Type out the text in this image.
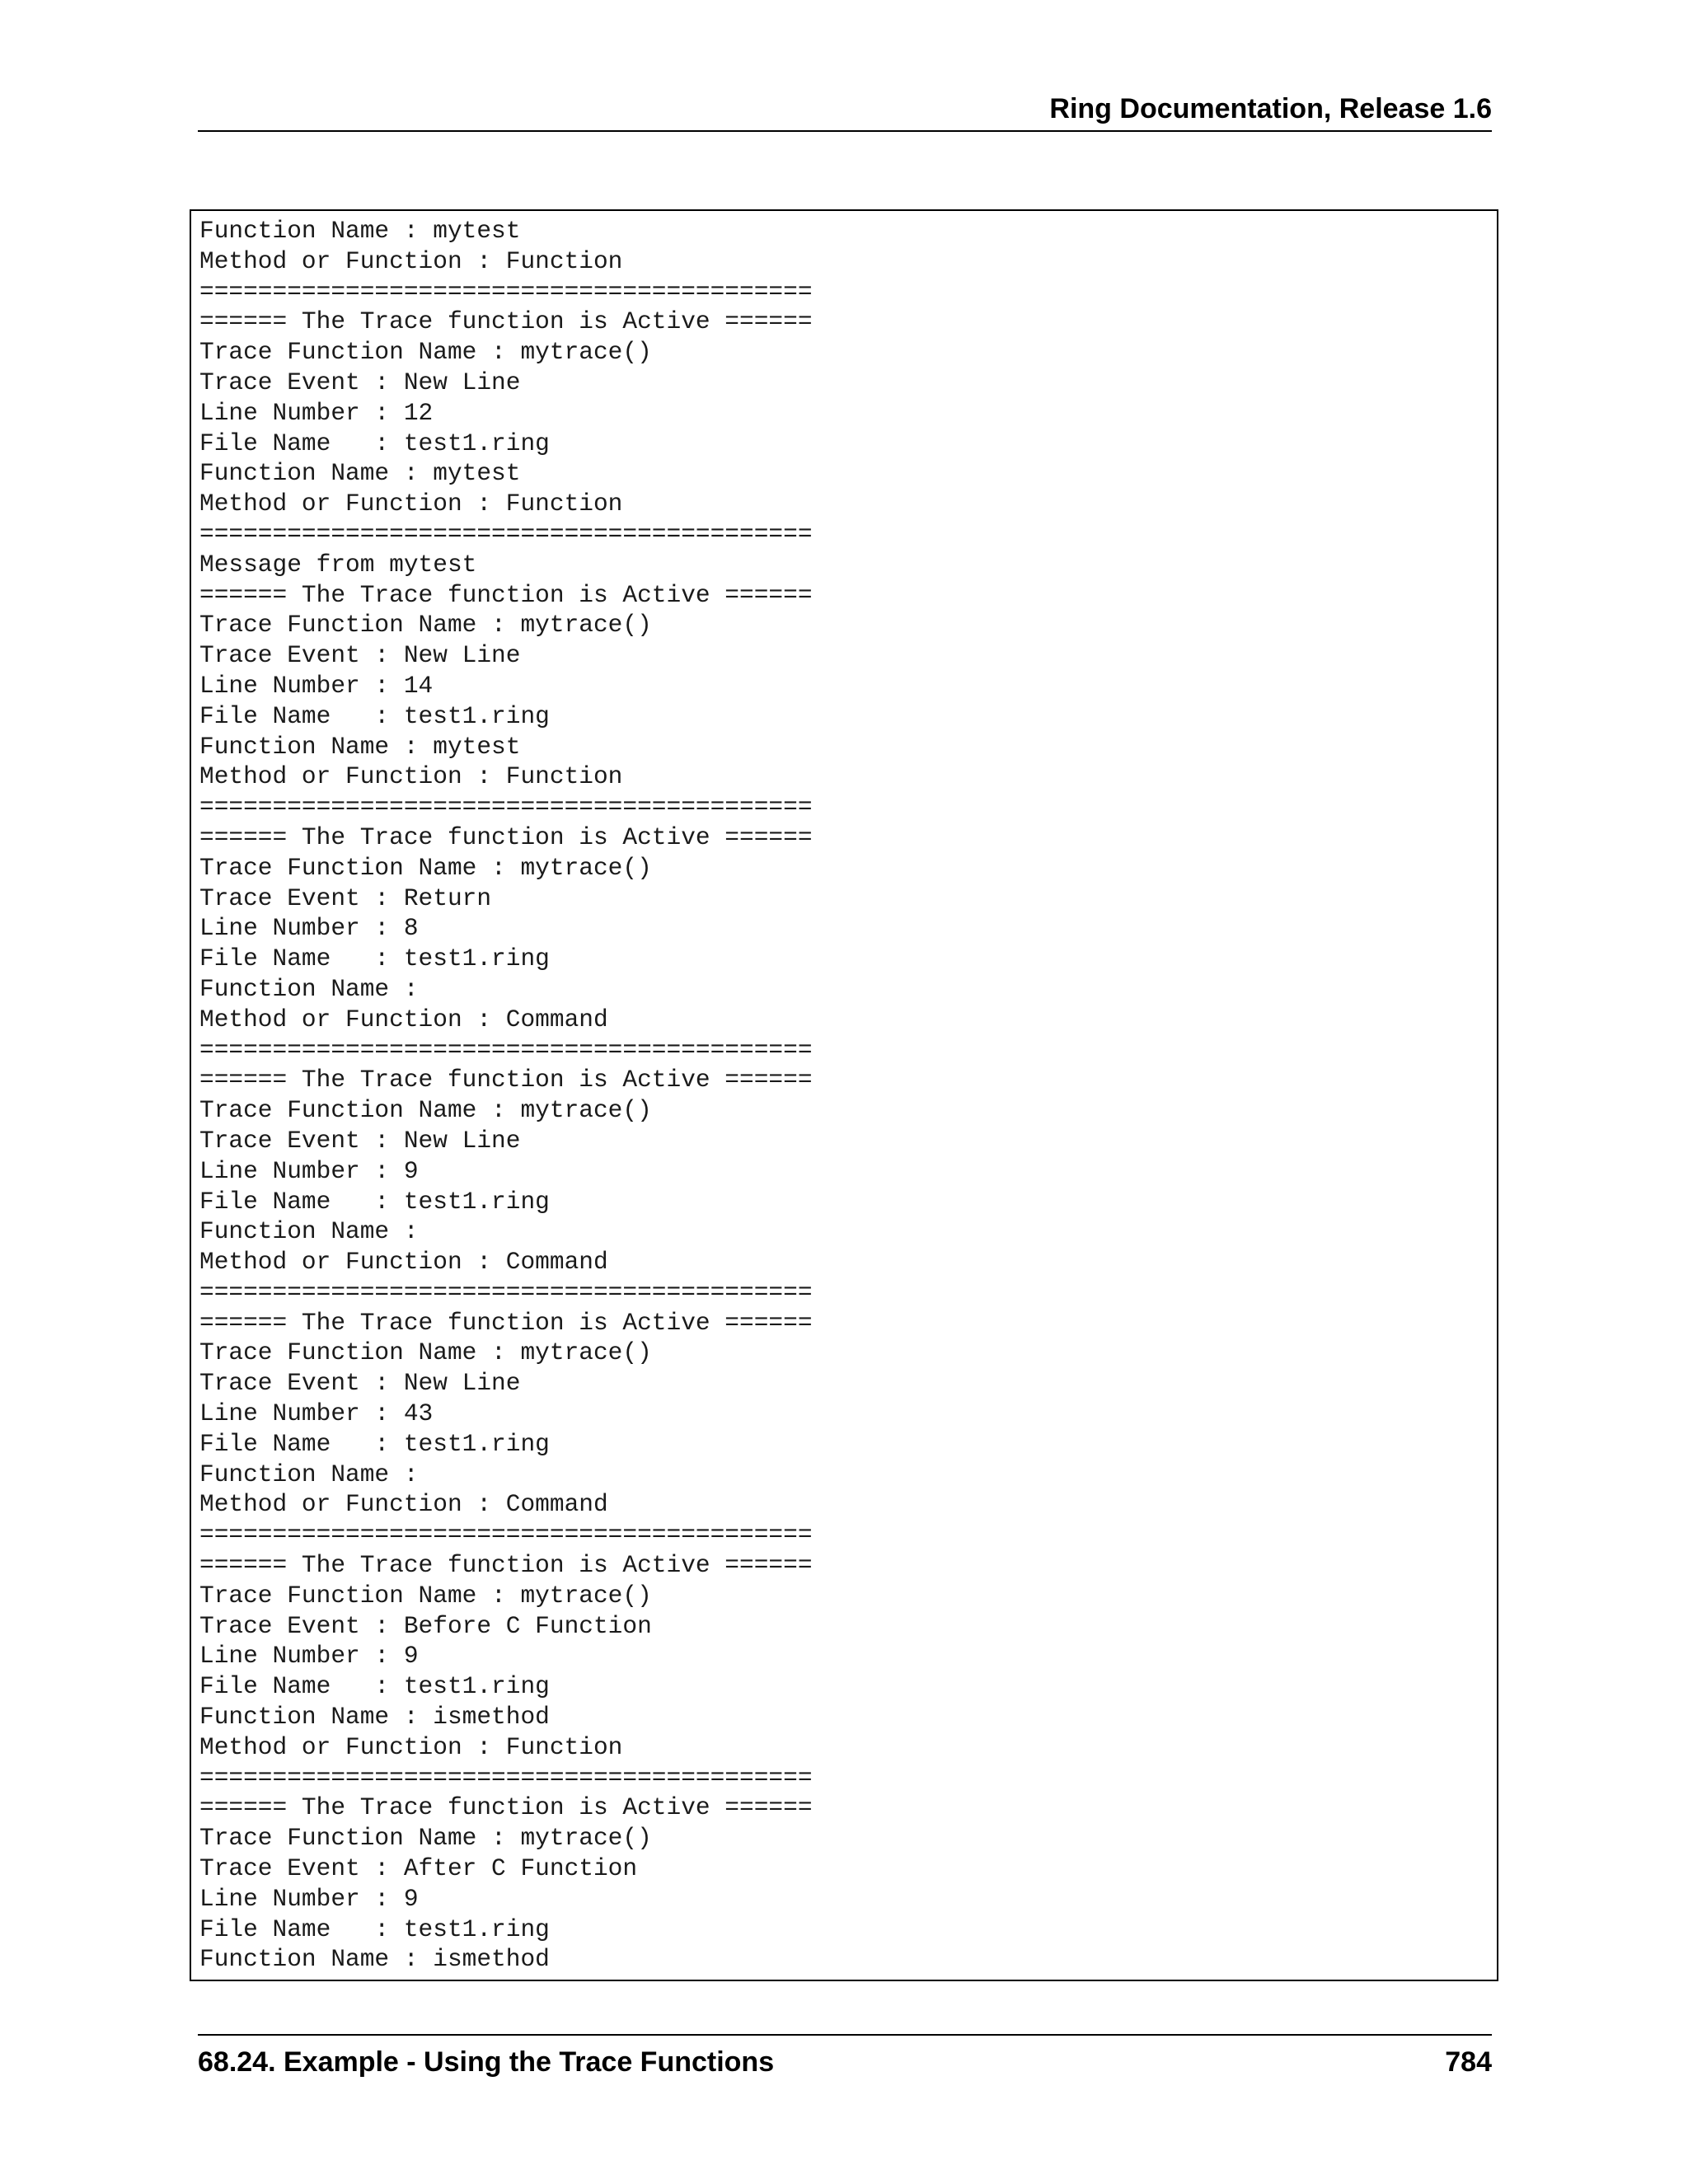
Ring Documentation, Release 1.6
Function Name : mytest
Method or Function : Function
==========================================
====== The Trace function is Active ======
Trace Function Name : mytrace()
Trace Event : New Line
Line Number : 12
File Name   : test1.ring
Function Name : mytest
Method or Function : Function
==========================================
Message from mytest
====== The Trace function is Active ======
Trace Function Name : mytrace()
Trace Event : New Line
Line Number : 14
File Name   : test1.ring
Function Name : mytest
Method or Function : Function
==========================================
====== The Trace function is Active ======
Trace Function Name : mytrace()
Trace Event : Return
Line Number : 8
File Name   : test1.ring
Function Name :
Method or Function : Command
==========================================
====== The Trace function is Active ======
Trace Function Name : mytrace()
Trace Event : New Line
Line Number : 9
File Name   : test1.ring
Function Name :
Method or Function : Command
==========================================
====== The Trace function is Active ======
Trace Function Name : mytrace()
Trace Event : New Line
Line Number : 43
File Name   : test1.ring
Function Name :
Method or Function : Command
==========================================
====== The Trace function is Active ======
Trace Function Name : mytrace()
Trace Event : Before C Function
Line Number : 9
File Name   : test1.ring
Function Name : ismethod
Method or Function : Function
==========================================
====== The Trace function is Active ======
Trace Function Name : mytrace()
Trace Event : After C Function
Line Number : 9
File Name   : test1.ring
Function Name : ismethod
68.24. Example - Using the Trace Functions	784
